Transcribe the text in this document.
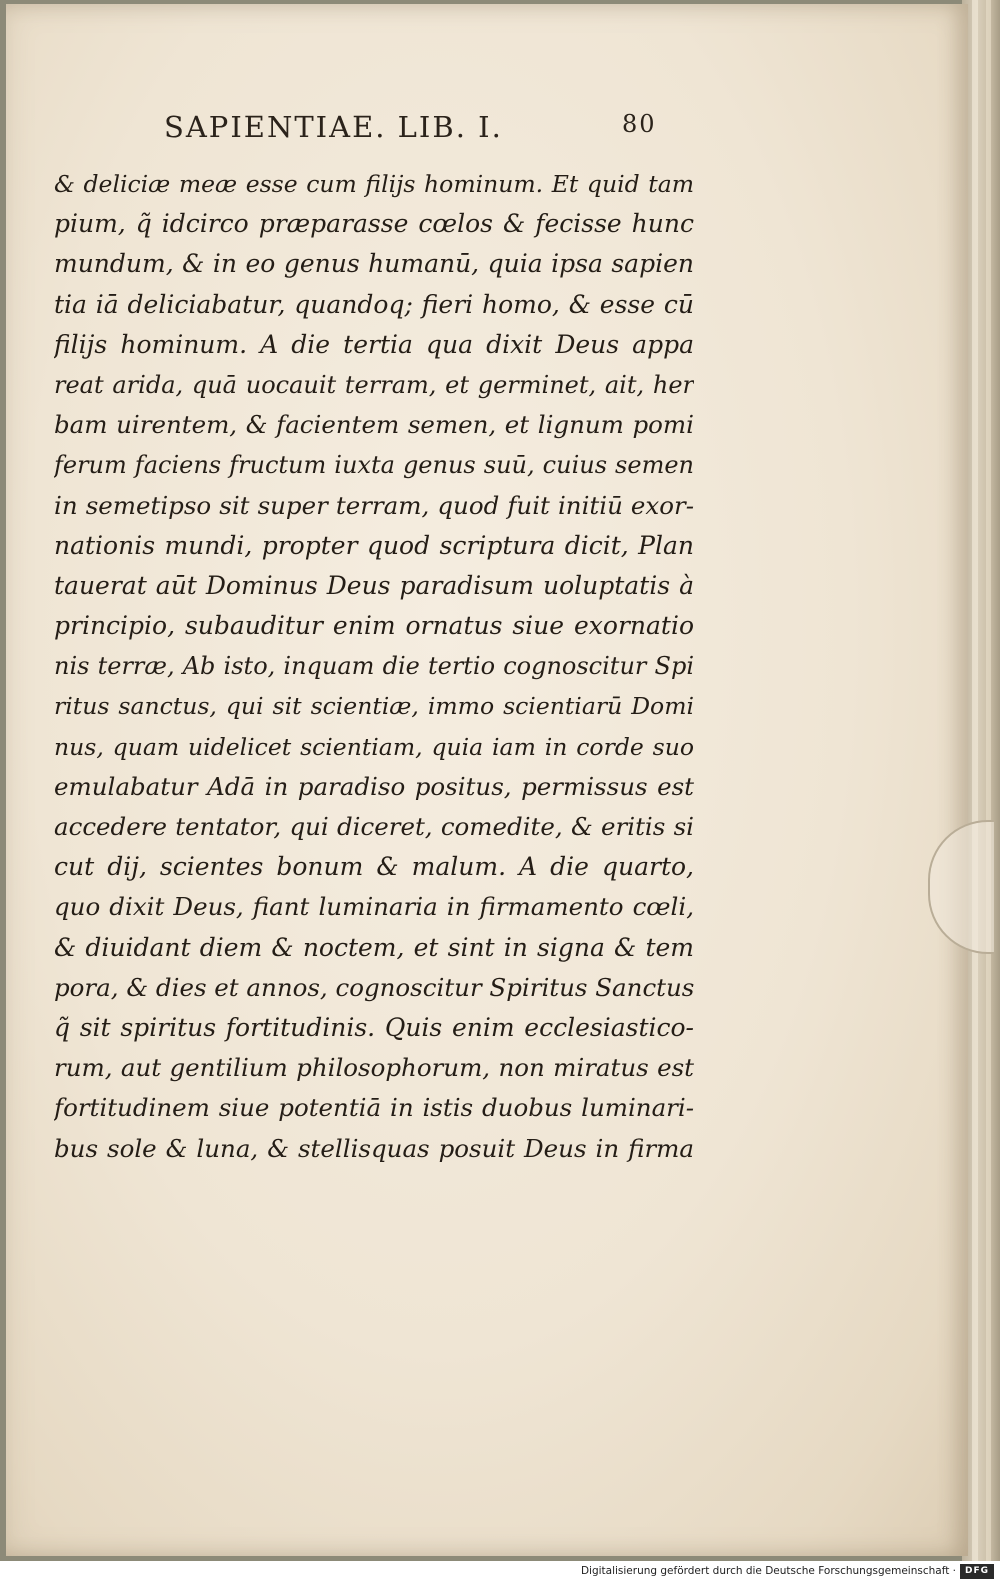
SAPIENTIAE. LIB. I.	80
& deliciæ meæ esse cum filijs hominum. Et quid tam
pium, q̃ idcirco præparasse cœlos & fecisse hunc
mundum, & in eo genus humanū, quia ipsa sapien
tia iā deliciabatur, quandoq; fieri homo, & esse cū
filijs hominum. A die tertia qua dixit Deus appa
reat arida, quā uocauit terram, et germinet, ait, her
bam uirentem, & facientem semen, et lignum pomi
ferum faciens fructum iuxta genus suū, cuius semen
in semetipso sit super terram, quod fuit initiū exor-
nationis mundi, propter quod scriptura dicit, Plan
tauerat aūt Dominus Deus paradisum uoluptatis à
principio, subauditur enim ornatus siue exornatio
nis terræ, Ab isto, inquam die tertio cognoscitur Spi
ritus sanctus, qui sit scientiæ, immo scientiarū Domi
nus, quam uidelicet scientiam, quia iam in corde suo
emulabatur Adā in paradiso positus, permissus est
accedere tentator, qui diceret, comedite, & eritis si
cut dij, scientes bonum & malum. A die quarto,
quo dixit Deus, fiant luminaria in firmamento cœli,
& diuidant diem & noctem, et sint in signa & tem
pora, & dies et annos, cognoscitur Spiritus Sanctus
q̃ sit spiritus fortitudinis. Quis enim ecclesiastico-
rum, aut gentilium philosophorum, non miratus est
fortitudinem siue potentiā in istis duobus luminari-
bus sole & luna, & stellisquas posuit Deus in firma
Digitalisierung gefördert durch die Deutsche Forschungsgemeinschaft · DFG
